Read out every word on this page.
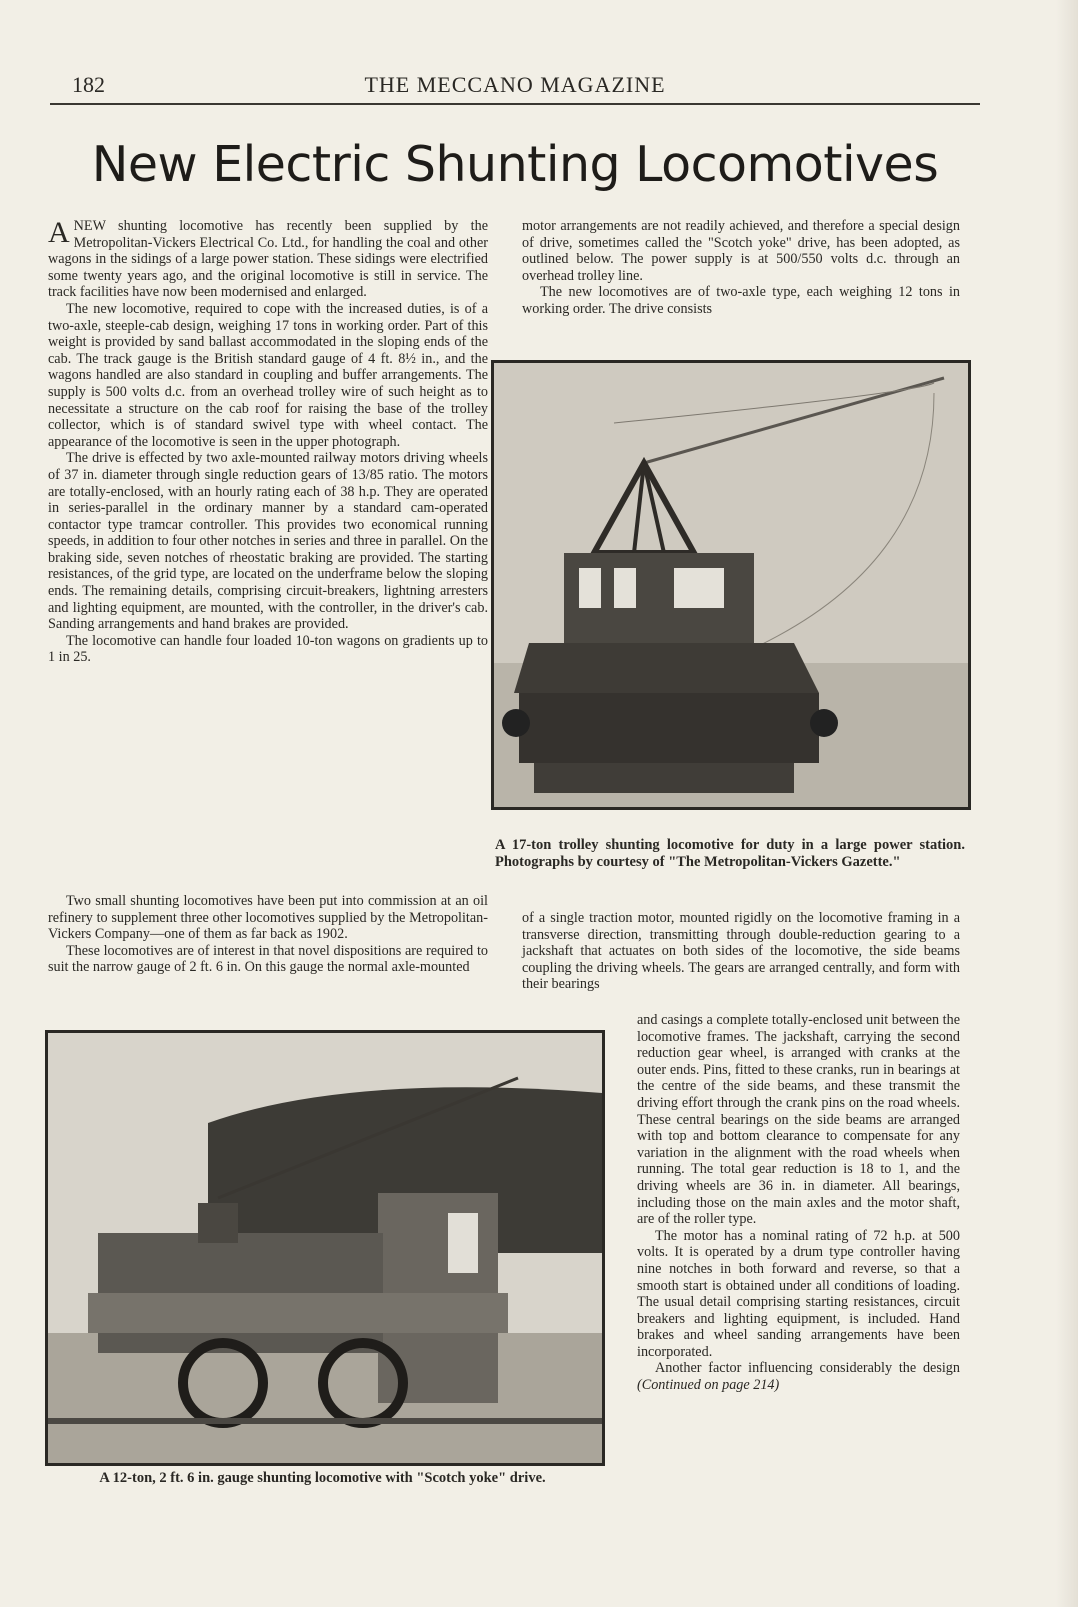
182	THE MECCANO MAGAZINE
New Electric Shunting Locomotives

ANEW shunting locomotive has recently been supplied by the Metropolitan-Vickers Electrical Co. Ltd., for handling the coal and other wagons in the sidings of a large power station. These sidings were electrified some twenty years ago, and the original locomotive is still in service. The track facilities have now been modernised and enlarged.

The new locomotive, required to cope with the increased duties, is of a two-axle, steeple-cab design, weighing 17 tons in working order. Part of this weight is provided by sand ballast accommodated in the sloping ends of the cab. The track gauge is the British standard gauge of 4 ft. 8½ in., and the wagons handled are also standard in coupling and buffer arrangements. The supply is 500 volts d.c. from an overhead trolley wire of such height as to necessitate a structure on the cab roof for raising the base of the trolley collector, which is of standard swivel type with wheel contact. The appearance of the locomotive is seen in the upper photograph.

The drive is effected by two axle-mounted railway motors driving wheels of 37 in. diameter through single reduction gears of 13/85 ratio. The motors are totally-enclosed, with an hourly rating each of 38 h.p. They are operated in series-parallel in the ordinary manner by a standard cam-operated contactor type tramcar controller. This provides two economical running speeds, in addition to four other notches in series and three in parallel. On the braking side, seven notches of rheostatic braking are provided. The starting resistances, of the grid type, are located on the underframe below the sloping ends. The remaining details, comprising circuit-breakers, lightning arresters and lighting equipment, are mounted, with the controller, in the driver's cab. Sanding arrangements and hand brakes are provided.

The locomotive can handle four loaded 10-ton wagons on gradients up to 1 in 25.

Two small shunting locomotives have been put into commission at an oil refinery to supplement three other locomotives supplied by the Metropolitan-Vickers Company—one of them as far back as 1902.

These locomotives are of interest in that novel dispositions are required to suit the narrow gauge of 2 ft. 6 in. On this gauge the normal axle-mounted

motor arrangements are not readily achieved, and therefore a special design of drive, sometimes called the "Scotch yoke" drive, has been adopted, as outlined below. The power supply is at 500/550 volts d.c. through an overhead trolley line.

The new locomotives are of two-axle type, each weighing 12 tons in working order. The drive consists

A 17-ton trolley shunting locomotive for duty in a large power station. Photographs by courtesy of "The Metropolitan-Vickers Gazette."

of a single traction motor, mounted rigidly on the locomotive framing in a transverse direction, transmitting through double-reduction gearing to a jackshaft that actuates on both sides of the locomotive, the side beams coupling the driving wheels. The gears are arranged centrally, and form with their bearings

and casings a complete totally-enclosed unit between the locomotive frames. The jackshaft, carrying the second reduction gear wheel, is arranged with cranks at the outer ends. Pins, fitted to these cranks, run in bearings at the centre of the side beams, and these transmit the driving effort through the crank pins on the road wheels. These central bearings on the side beams are arranged with top and bottom clearance to compensate for any variation in the alignment with the road wheels when running. The total gear reduction is 18 to 1, and the driving wheels are 36 in. in diameter. All bearings, including those on the main axles and the motor shaft, are of the roller type.

The motor has a nominal rating of 72 h.p. at 500 volts. It is operated by a drum type controller having nine notches in both forward and reverse, so that a smooth start is obtained under all conditions of loading. The usual detail comprising starting resistances, circuit breakers and lighting equipment, is included. Hand brakes and wheel sanding arrangements have been incorporated.

Another factor influencing considerably the design (Continued on page 214)

A 12-ton, 2 ft. 6 in. gauge shunting locomotive with "Scotch yoke" drive.
